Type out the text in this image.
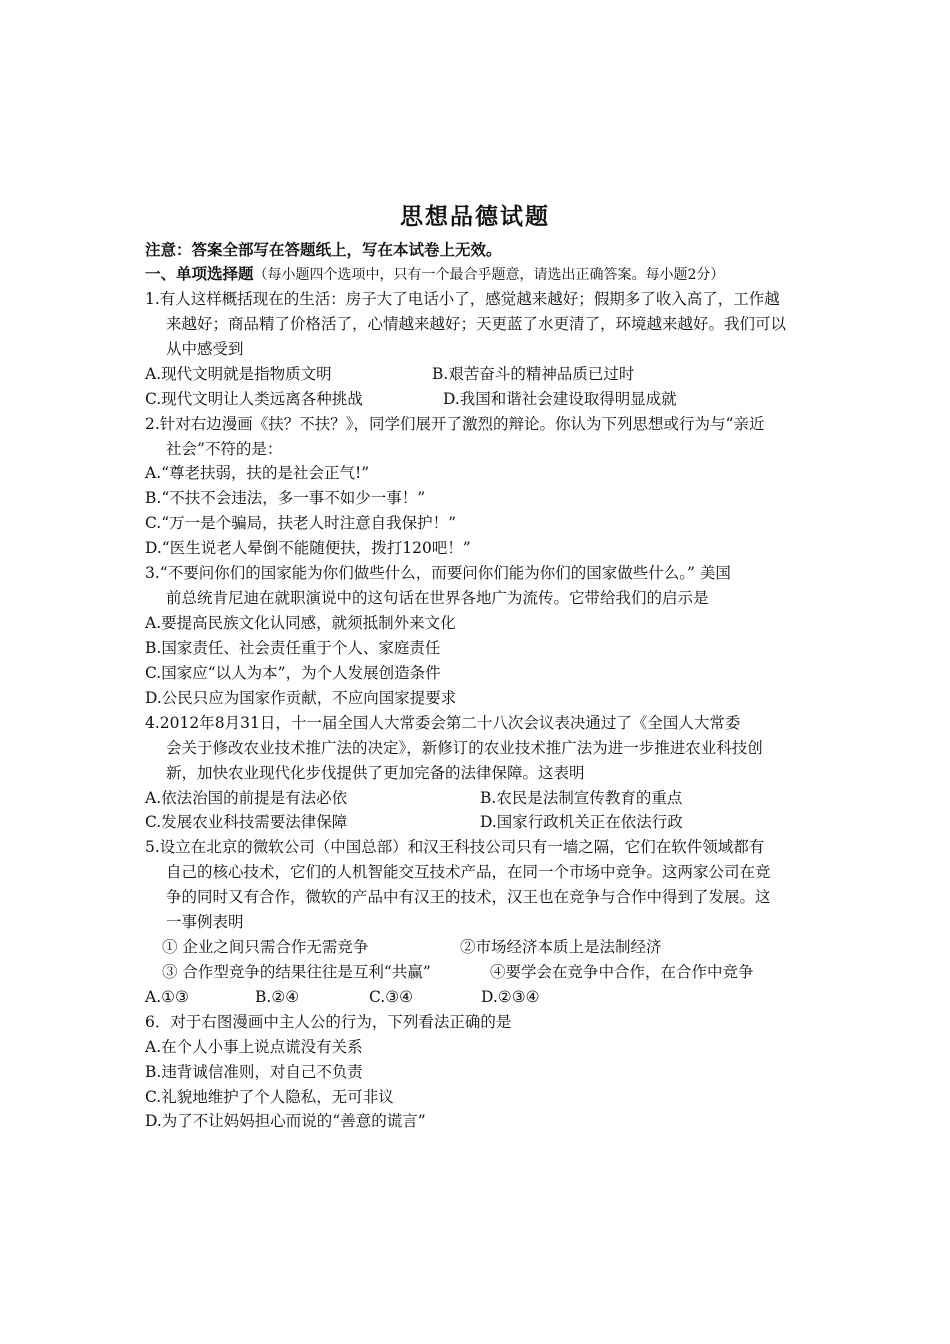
思想品德试题
注意：答案全部写在答题纸上，写在本试卷上无效。
一、单项选择题（每小题四个选项中，只有一个最合乎题意，请选出正确答案。每小题2分）
1.有人这样概括现在的生活：房子大了电话小了，感觉越来越好；假期多了收入高了，工作越
来越好；商品精了价格活了，心情越来越好；天更蓝了水更清了，环境越来越好。我们可以
从中感受到
A.现代文明就是指物质文明	B.艰苦奋斗的精神品质已过时
C.现代文明让人类远离各种挑战	D.我国和谐社会建设取得明显成就
2.针对右边漫画《扶？不扶？》，同学们展开了激烈的辩论。你认为下列思想或行为与“亲近
社会”不符的是：
A.“尊老扶弱，扶的是社会正气!”
B.“不扶不会违法，多一事不如少一事！”
C.“万一是个骗局，扶老人时注意自我保护！”
D.“医生说老人晕倒不能随便扶，拨打120吧！”
3.“不要问你们的国家能为你们做些什么，而要问你们能为你们的国家做些什么。” 美国
前总统肯尼迪在就职演说中的这句话在世界各地广为流传。它带给我们的启示是
A.要提高民族文化认同感，就须抵制外来文化
B.国家责任、社会责任重于个人、家庭责任
C.国家应“以人为本”，为个人发展创造条件
D.公民只应为国家作贡献，不应向国家提要求
4.2012年8月31日，十一届全国人大常委会第二十八次会议表决通过了《全国人大常委
会关于修改农业技术推广法的决定》，新修订的农业技术推广法为进一步推进农业科技创
新，加快农业现代化步伐提供了更加完备的法律保障。这表明
A.依法治国的前提是有法必依	B.农民是法制宣传教育的重点
C.发展农业科技需要法律保障	D.国家行政机关正在依法行政
5.设立在北京的微软公司（中国总部）和汉王科技公司只有一墙之隔，它们在软件领域都有
自己的核心技术，它们的人机智能交互技术产品，在同一个市场中竞争。这两家公司在竞
争的同时又有合作，微软的产品中有汉王的技术，汉王也在竞争与合作中得到了发展。这
一事例表明
① 企业之间只需合作无需竞争	②市场经济本质上是法制经济
③ 合作型竞争的结果往往是互利“共赢”	④要学会在竞争中合作，在合作中竞争
A.①③	B.②④	C.③④	D.②③④
6．对于右图漫画中主人公的行为，下列看法正确的是
A.在个人小事上说点谎没有关系
B.违背诚信准则，对自己不负责
C.礼貌地维护了个人隐私，无可非议
D.为了不让妈妈担心而说的“善意的谎言”
